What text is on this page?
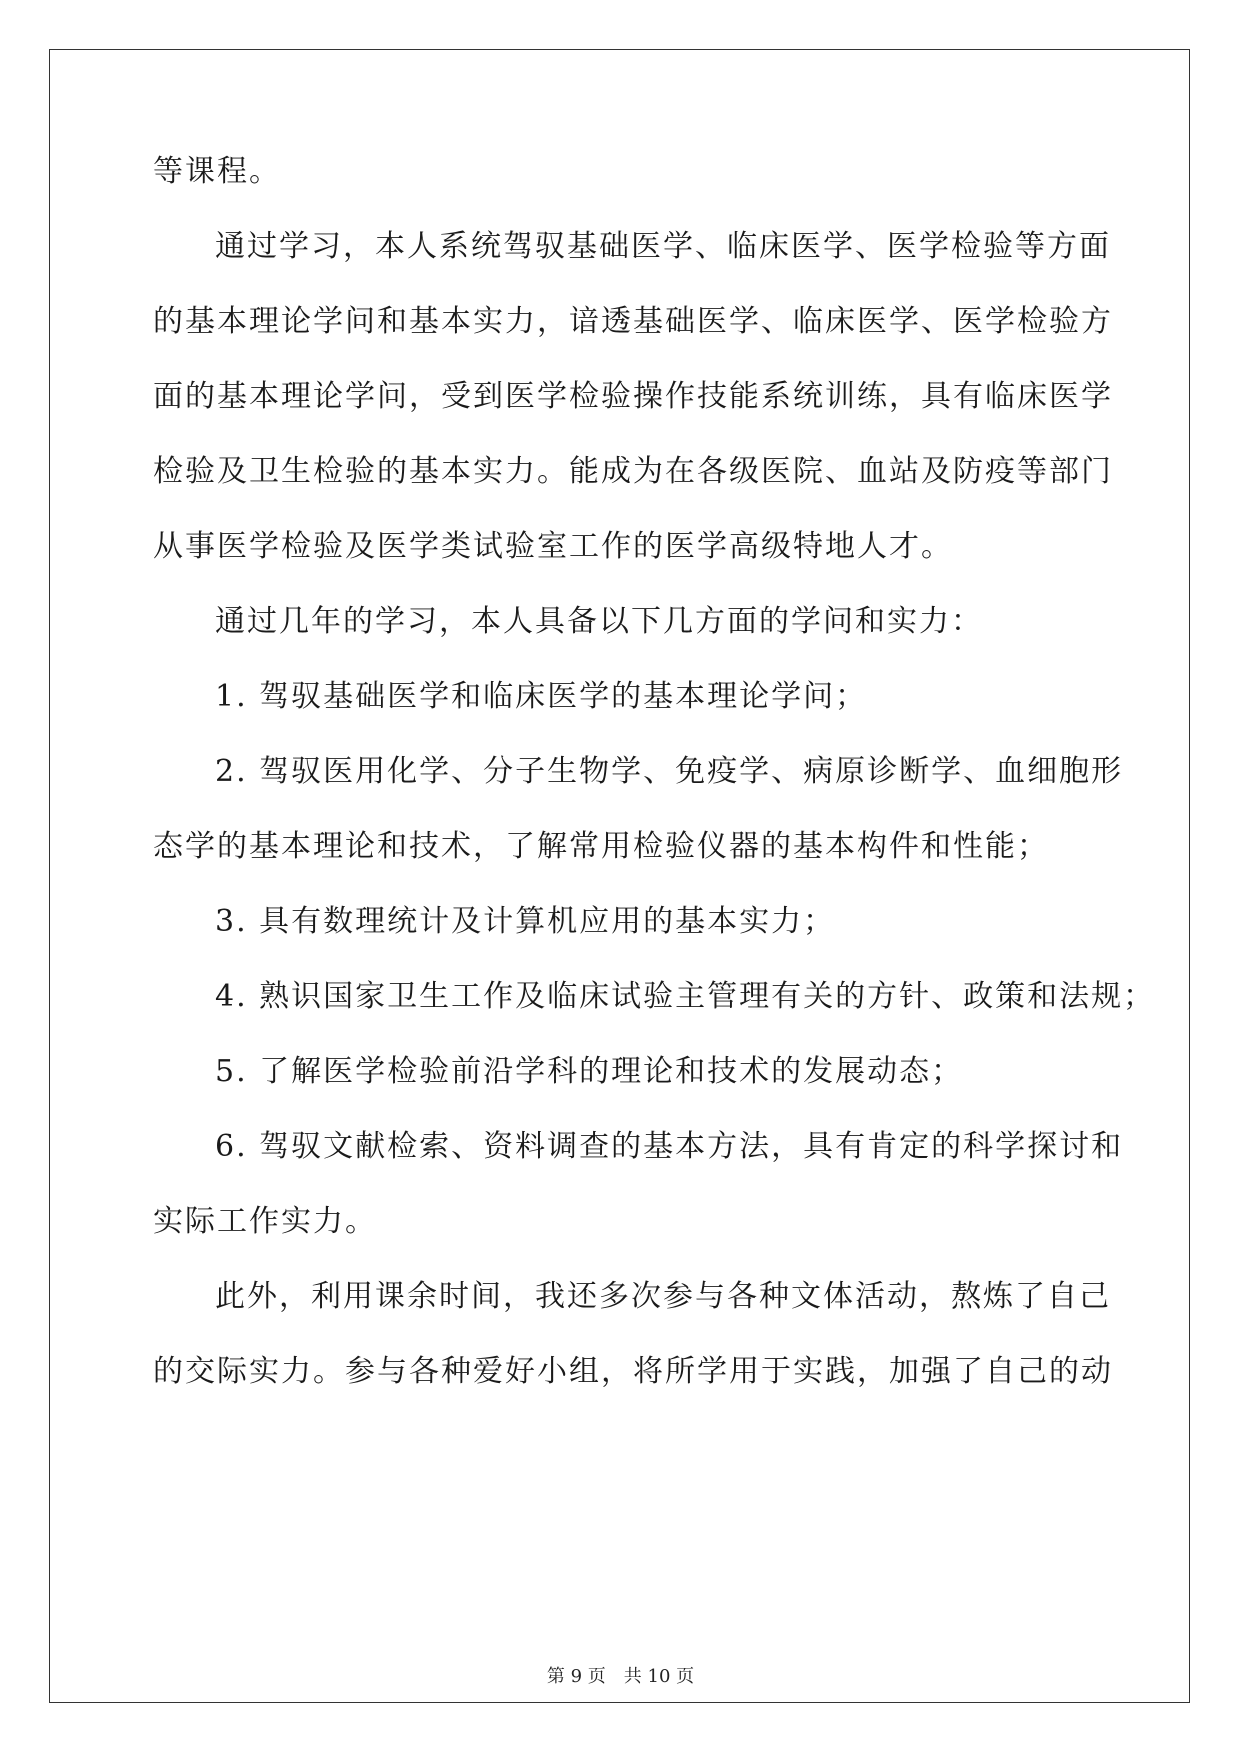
等课程。
通过学习，本人系统驾驭基础医学、临床医学、医学检验等方面
的基本理论学问和基本实力，谙透基础医学、临床医学、医学检验方
面的基本理论学问，受到医学检验操作技能系统训练，具有临床医学
检验及卫生检验的基本实力。能成为在各级医院、血站及防疫等部门
从事医学检验及医学类试验室工作的医学高级特地人才。
通过几年的学习，本人具备以下几方面的学问和实力：
1. 驾驭基础医学和临床医学的基本理论学问；
2. 驾驭医用化学、分子生物学、免疫学、病原诊断学、血细胞形
态学的基本理论和技术，了解常用检验仪器的基本构件和性能；
3. 具有数理统计及计算机应用的基本实力；
4. 熟识国家卫生工作及临床试验主管理有关的方针、政策和法规；
5. 了解医学检验前沿学科的理论和技术的发展动态；
6. 驾驭文献检索、资料调查的基本方法，具有肯定的科学探讨和
实际工作实力。
此外，利用课余时间，我还多次参与各种文体活动，熬炼了自己
的交际实力。参与各种爱好小组，将所学用于实践，加强了自己的动
第 9 页　共 10 页
